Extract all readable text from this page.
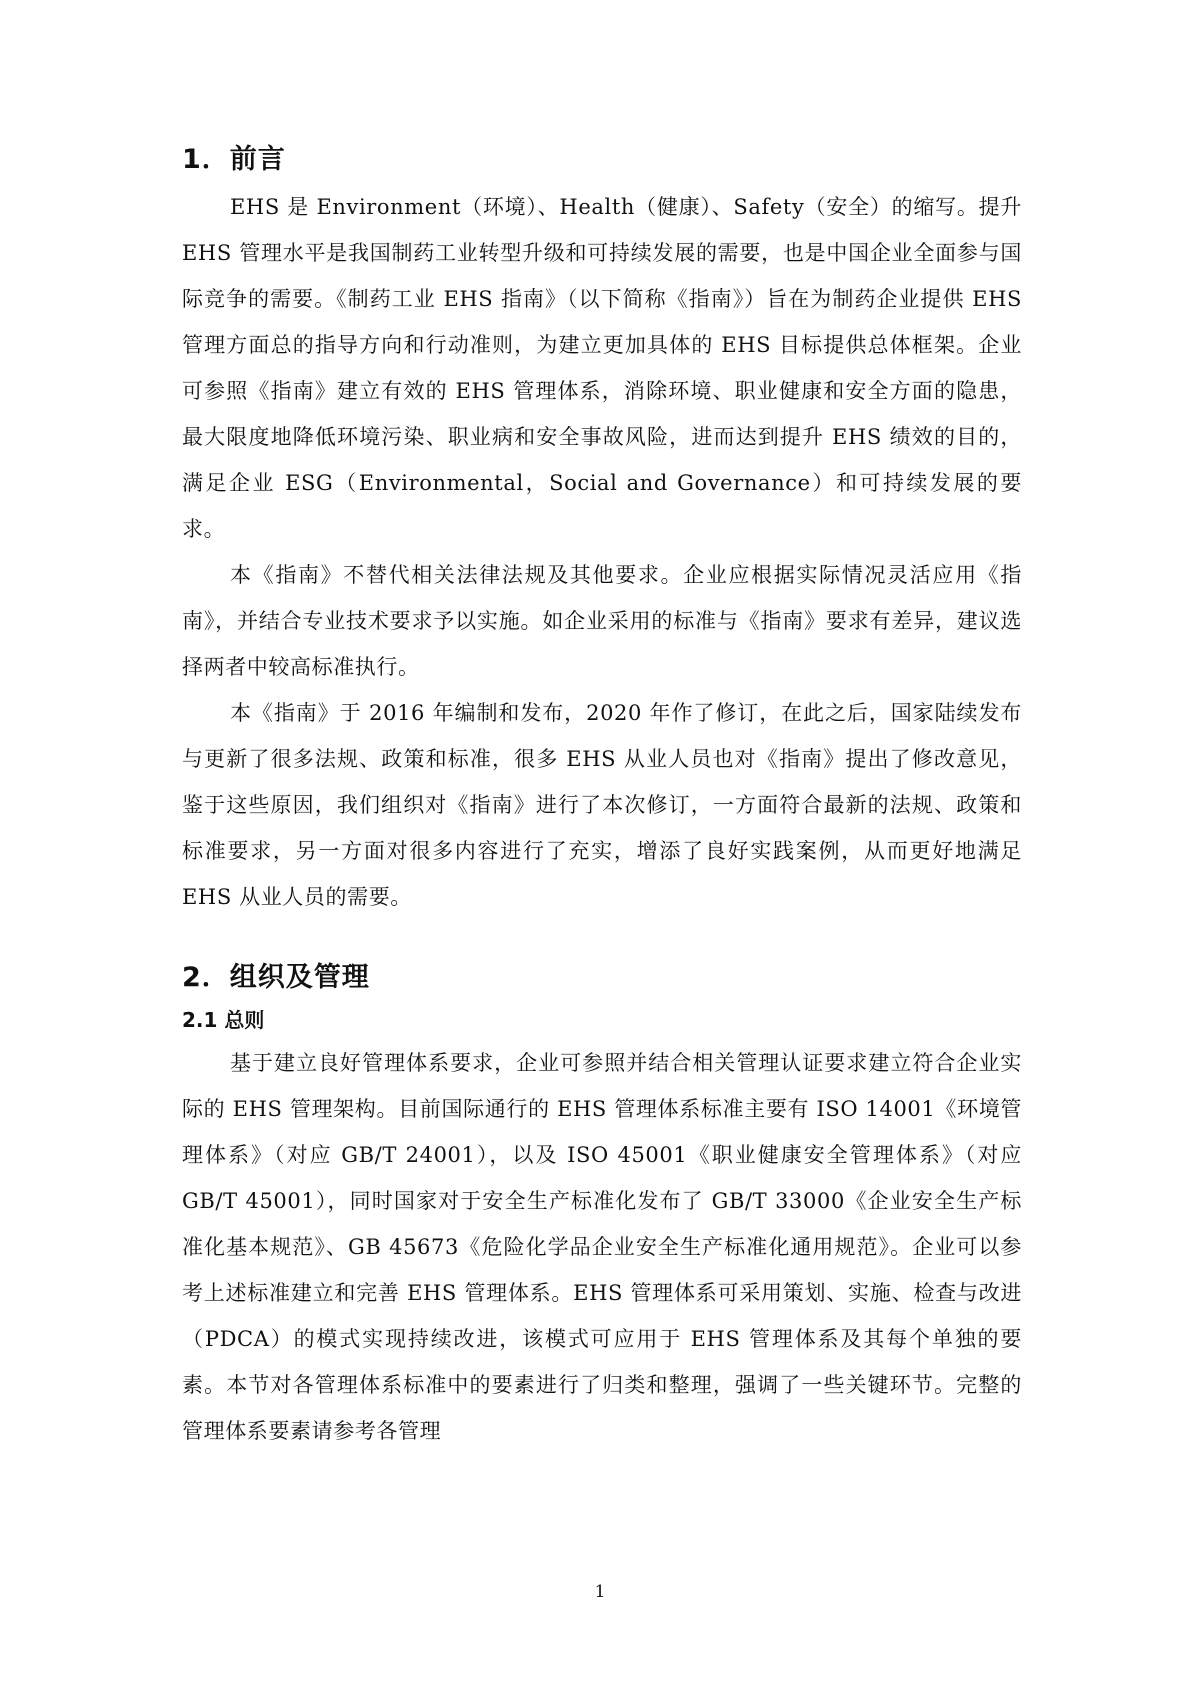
1．前言

EHS 是 Environment（环境）、Health（健康）、Safety（安全）的缩写。提升 EHS 管理水平是我国制药工业转型升级和可持续发展的需要，也是中国企业全面参与国际竞争的需要。《制药工业 EHS 指南》（以下简称《指南》）旨在为制药企业提供 EHS 管理方面总的指导方向和行动准则，为建立更加具体的 EHS 目标提供总体框架。企业可参照《指南》建立有效的 EHS 管理体系，消除环境、职业健康和安全方面的隐患，最大限度地降低环境污染、职业病和安全事故风险，进而达到提升 EHS 绩效的目的，满足企业 ESG（Environmental，Social and Governance）和可持续发展的要求。

本《指南》不替代相关法律法规及其他要求。企业应根据实际情况灵活应用《指南》，并结合专业技术要求予以实施。如企业采用的标准与《指南》要求有差异，建议选择两者中较高标准执行。

本《指南》于 2016 年编制和发布，2020 年作了修订，在此之后，国家陆续发布与更新了很多法规、政策和标准，很多 EHS 从业人员也对《指南》提出了修改意见，鉴于这些原因，我们组织对《指南》进行了本次修订，一方面符合最新的法规、政策和标准要求，另一方面对很多内容进行了充实，增添了良好实践案例，从而更好地满足 EHS 从业人员的需要。

2．组织及管理
2.1 总则

基于建立良好管理体系要求，企业可参照并结合相关管理认证要求建立符合企业实际的 EHS 管理架构。目前国际通行的 EHS 管理体系标准主要有 ISO 14001《环境管理体系》（对应 GB/T 24001），以及 ISO 45001《职业健康安全管理体系》（对应 GB/T 45001），同时国家对于安全生产标准化发布了 GB/T 33000《企业安全生产标准化基本规范》、GB 45673《危险化学品企业安全生产标准化通用规范》。企业可以参考上述标准建立和完善 EHS 管理体系。EHS 管理体系可采用策划、实施、检查与改进（PDCA）的模式实现持续改进，该模式可应用于 EHS 管理体系及其每个单独的要素。本节对各管理体系标准中的要素进行了归类和整理，强调了一些关键环节。完整的管理体系要素请参考各管理

1
